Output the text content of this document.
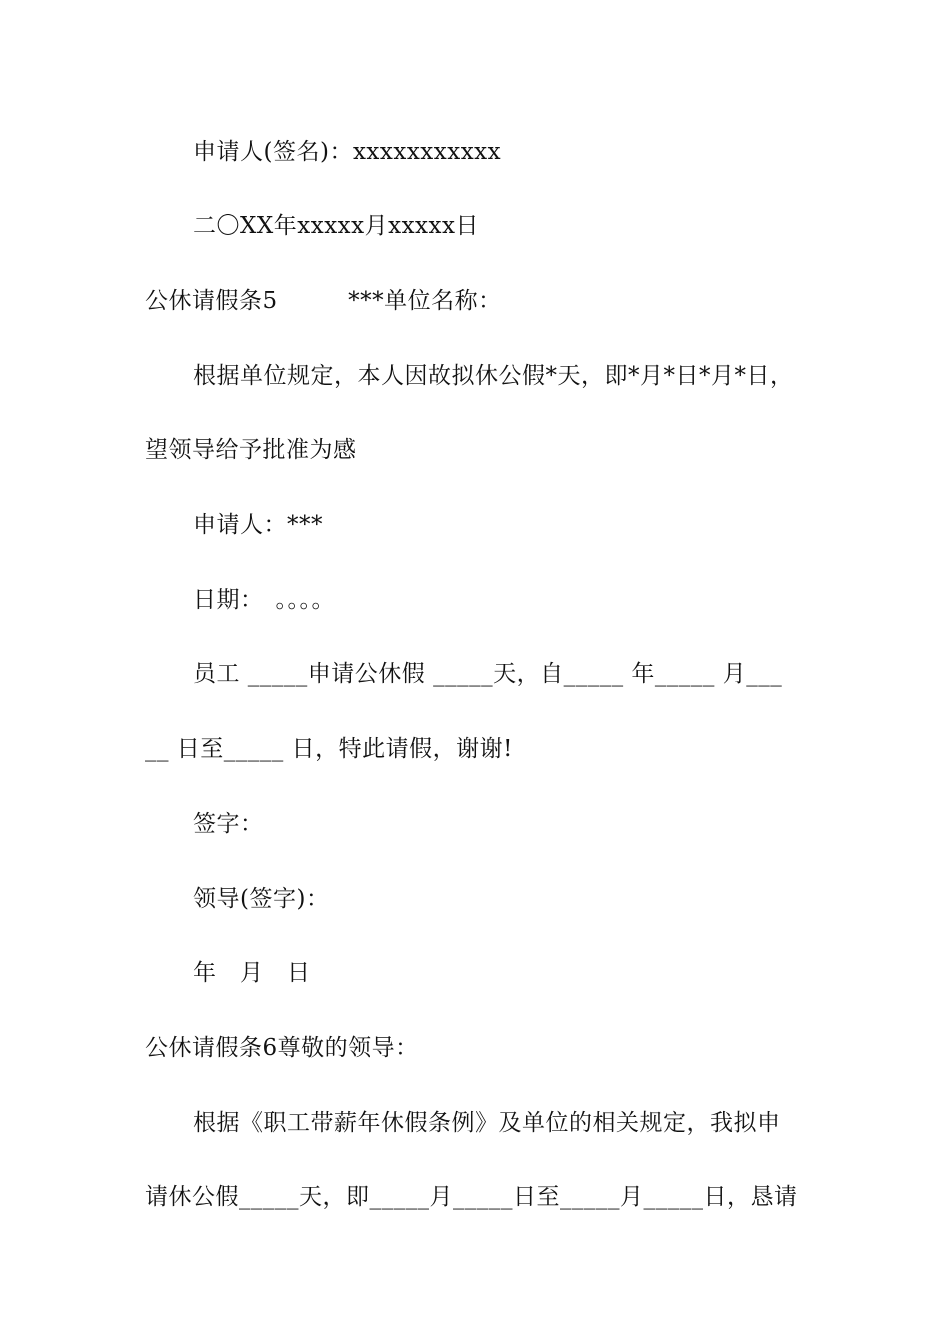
申请人(签名)：xxxxxxxxxxx
二〇XX年xxxxx月xxxxx日
公休请假条5　　　***单位名称：
根据单位规定，本人因故拟休公假*天，即*月*日*月*日，
望领导给予批准为感
申请人：***
日期：　。。。。
员工 _____申请公休假 _____天，自_____ 年_____ 月___
__ 日至_____ 日，特此请假，谢谢!
签字：
领导(签字)：
年　月　日
公休请假条6尊敬的领导：
根据《职工带薪年休假条例》及单位的相关规定，我拟申
请休公假_____天，即_____月_____日至_____月_____日，恳请
